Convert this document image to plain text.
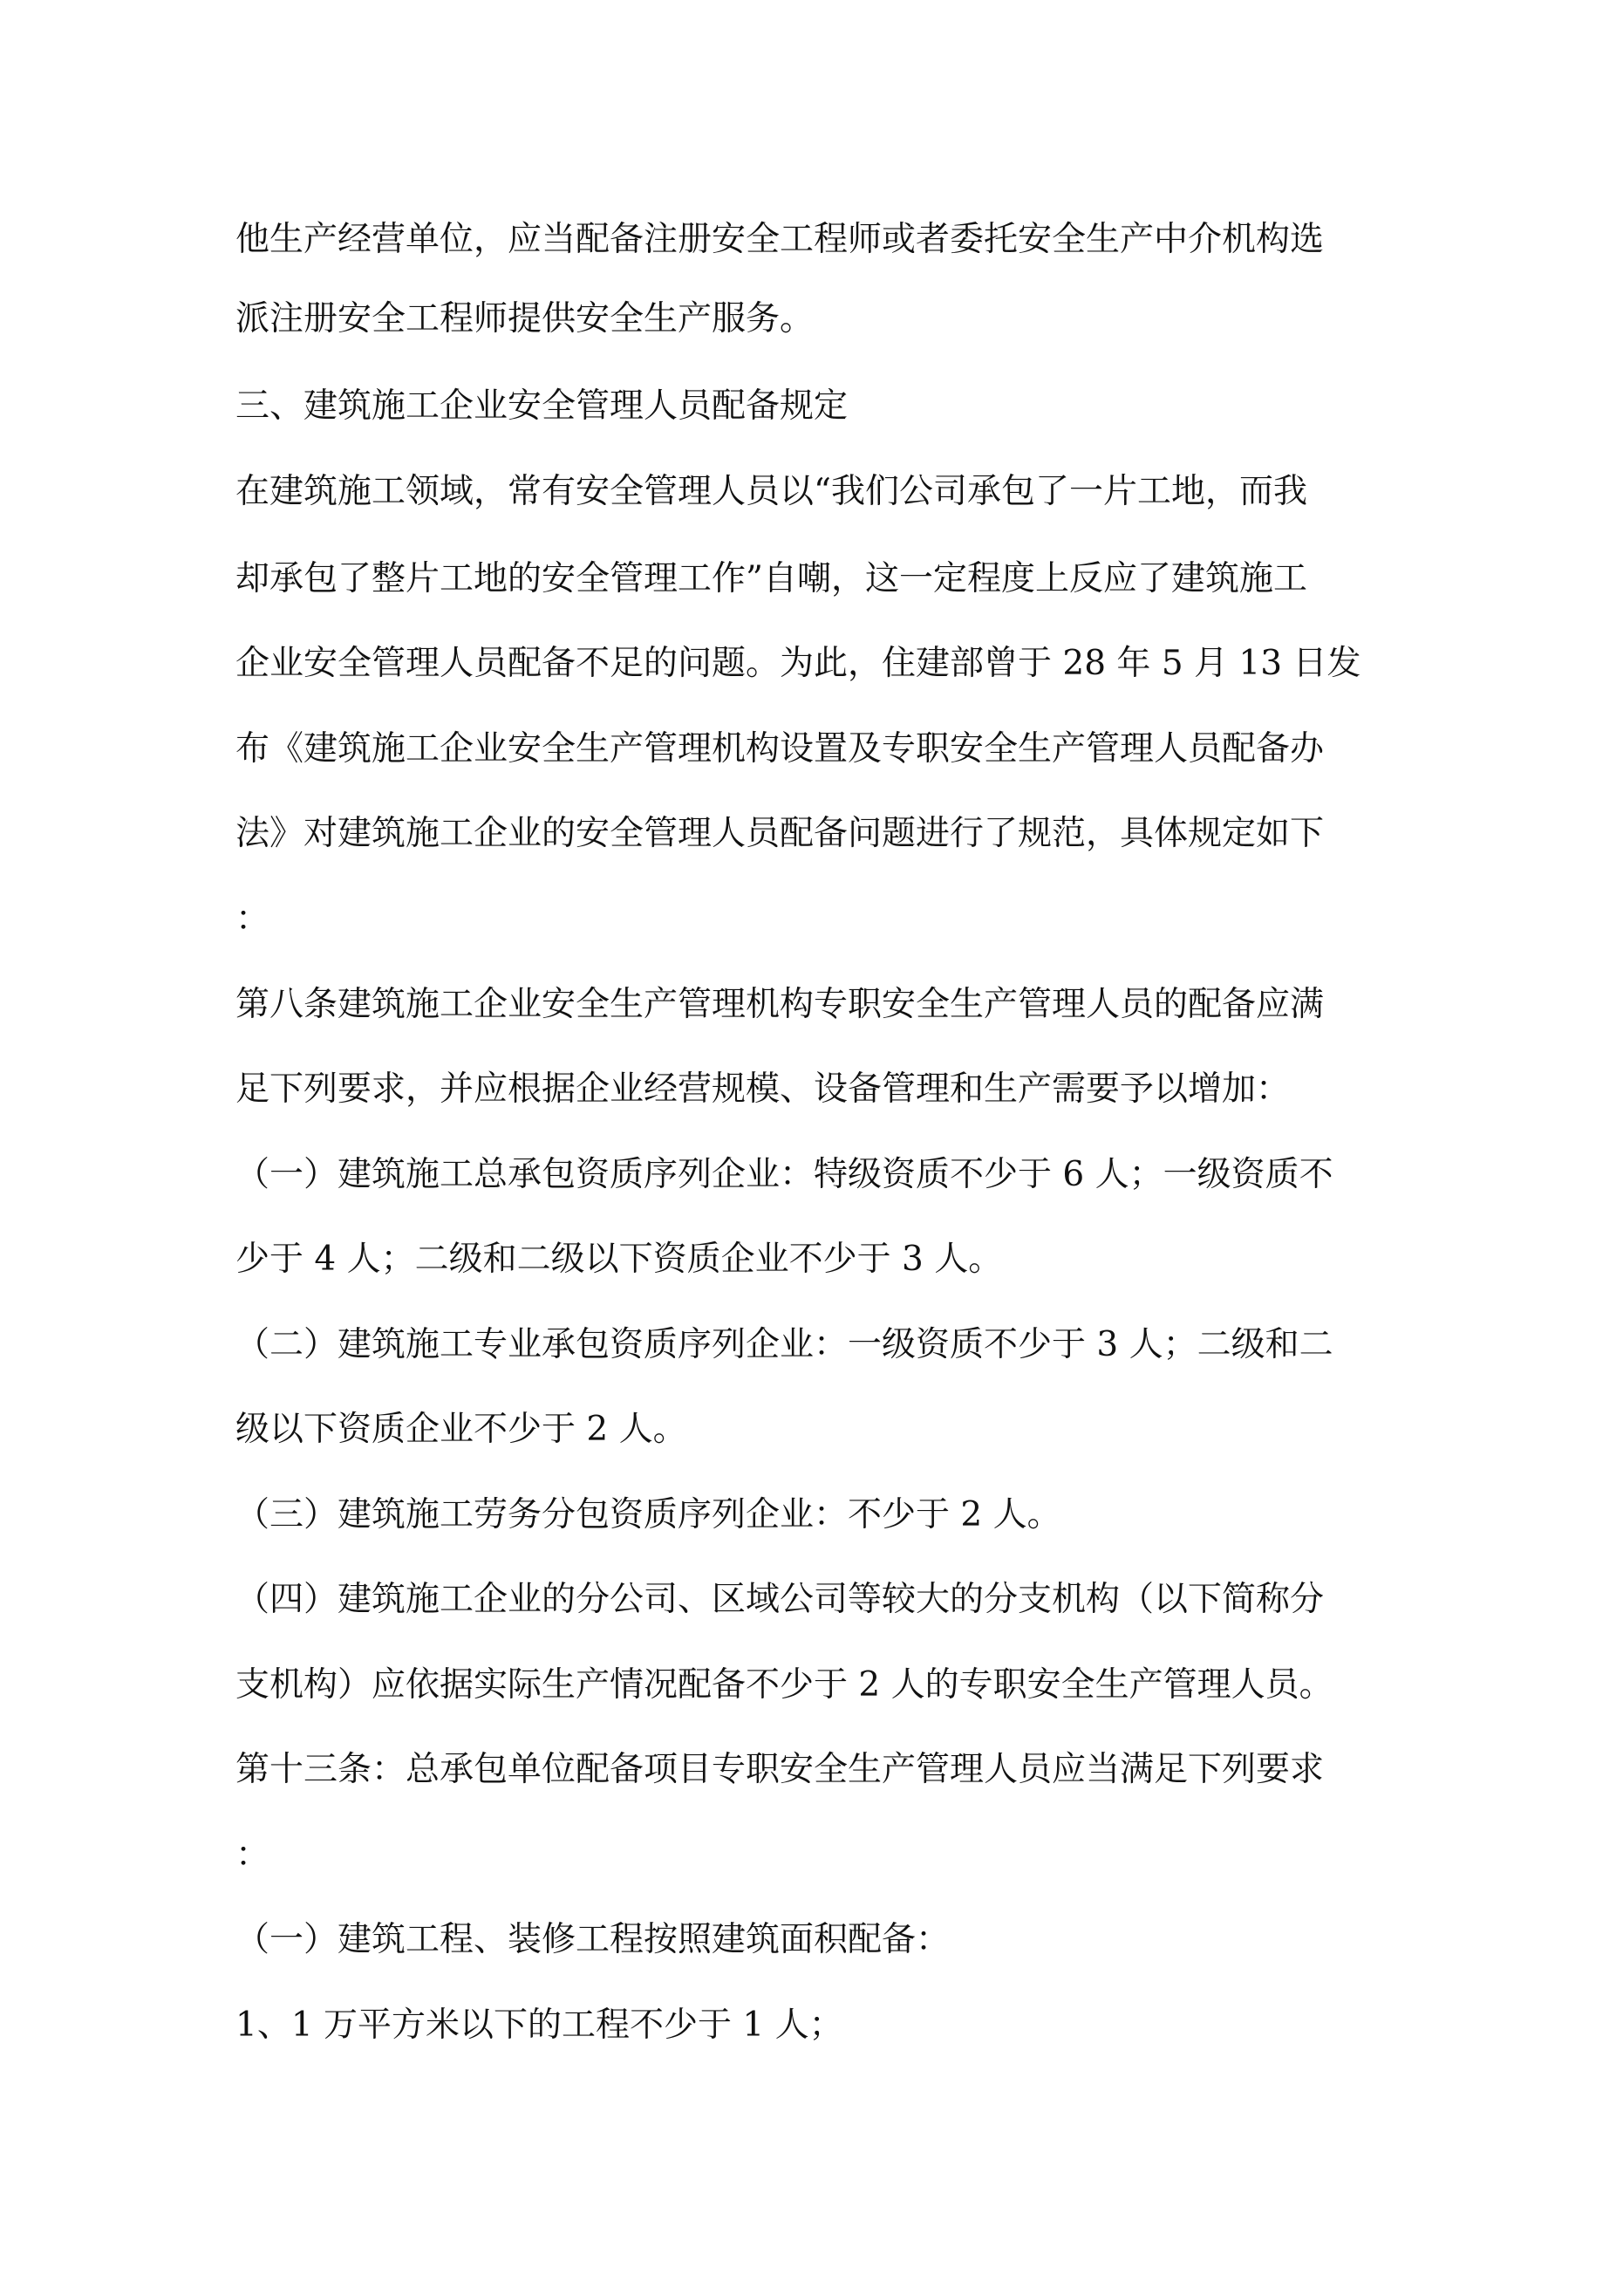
他生产经营单位，应当配备注册安全工程师或者委托安全生产中介机构选
派注册安全工程师提供安全生产服务。
三、建筑施工企业安全管理人员配备规定
在建筑施工领域，常有安全管理人员以“我们公司承包了一片工地，而我
却承包了整片工地的安全管理工作”自嘲，这一定程度上反应了建筑施工
企业安全管理人员配备不足的问题。为此，住建部曾于 28 年 5 月 13 日发
布《建筑施工企业安全生产管理机构设置及专职安全生产管理人员配备办
法》对建筑施工企业的安全管理人员配备问题进行了规范，具体规定如下
：
第八条建筑施工企业安全生产管理机构专职安全生产管理人员的配备应满
足下列要求，并应根据企业经营规模、设备管理和生产需要予以增加：
（一）建筑施工总承包资质序列企业：特级资质不少于 6 人；一级资质不
少于 4 人；二级和二级以下资质企业不少于 3 人。
（二）建筑施工专业承包资质序列企业：一级资质不少于 3 人；二级和二
级以下资质企业不少于 2 人。
（三）建筑施工劳务分包资质序列企业：不少于 2 人。
（四）建筑施工企业的分公司、区域公司等较大的分支机构（以下简称分
支机构）应依据实际生产情况配备不少于 2 人的专职安全生产管理人员。
第十三条：总承包单位配备项目专职安全生产管理人员应当满足下列要求
：
（一）建筑工程、装修工程按照建筑面积配备：
1、1 万平方米以下的工程不少于 1 人；
